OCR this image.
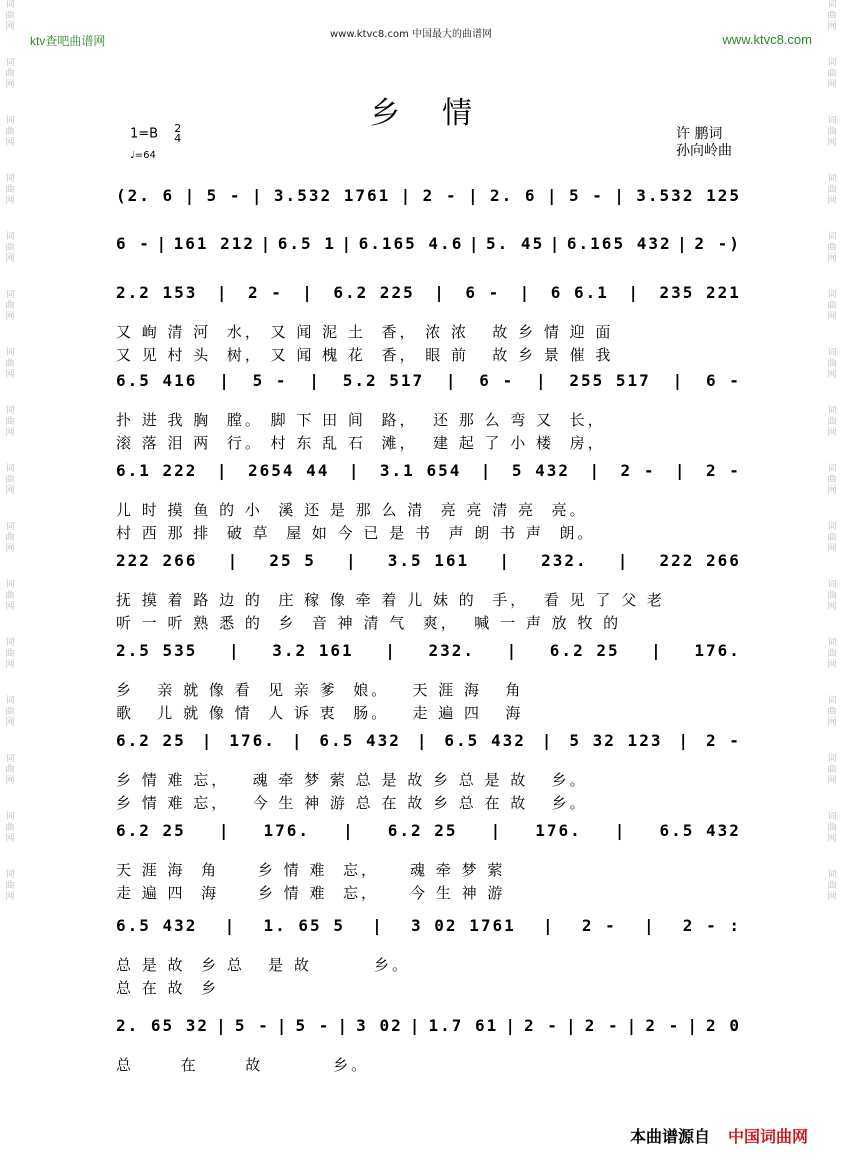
词
曲
网
词
曲
网
词
曲
网
词
曲
网
词
曲
网
词
曲
网
词
曲
网
词
曲
网
词
曲
网
词
曲
网
词
曲
网
词
曲
网
词
曲
网
词
曲
网
词
曲
网
词
曲
网
词
曲
网
词
曲
网
词
曲
网
词
曲
网
词
曲
网
词
曲
网
词
曲
网
词
曲
网
词
曲
网
词
曲
网
词
曲
网
词
曲
网
词
曲
网
词
曲
网
词
曲
网
词
曲
网
ktv查吧曲谱网	www.ktvc8.com 中国最大的曲谱网	www.ktvc8.com
乡情
1=B 2
4
♩=64
许 鹏词
孙向岭曲
(2. 6 | 5 - | 3.532 1761 | 2 - | 2. 6 | 5 - | 3.532 125
6 - | 161 212 | 6.5 1 | 6.165 4.6 | 5. 45 | 6.165 432 | 2 -)
2.2 153 | 2 - | 6.2 225 | 6 - | 6 6.1 | 235 221
又 峋 清 河  水， 又 闻 泥 土  香， 浓 浓   故 乡 情 迎 面
又 见 村 头  树， 又 闻 槐 花  香， 眼 前   故 乡 景 催 我
6.5 416 | 5 - | 5.2 517 | 6 - | 255 517 | 6 -
扑 进 我 胸  膛。 脚 下 田 间  路，  还 那 么 弯 又  长，
滚 落 泪 两  行。 村 东 乱 石  滩，  建 起 了 小 楼  房，
6.1 222 | 2654 44 | 3.1 654 | 5 432 | 2 - | 2 -
儿 时 摸 鱼 的 小  溪 还 是 那 么 清  亮 亮 清 亮  亮。
村 西 那 排  破 草  屋 如 今 已 是 书  声 朗 书 声  朗。
222 266 | 25 5 | 3.5 161 | 232. | 222 266
抚 摸 着 路 边 的  庄 稼 像 牵 着 儿 妹 的  手，  看 见 了 父 老
听 一 听 熟 悉 的  乡  音 神 清 气  爽，  喊 一 声 放 牧 的
2.5 535 | 3.2 161 | 232. | 6.2 25 | 176.
乡   亲 就 像 看  见 亲 爹  娘。   天 涯 海   角
歌   儿 就 像 情  人 诉 衷  肠。   走 遍 四   海
6.2 25 | 176. | 6.5 432 | 6.5 432 | 5 32 123 | 2 -
乡 情 难 忘，   魂 牵 梦 萦 总 是 故 乡 总 是 故   乡。
乡 情 难 忘，   今 生 神 游 总 在 故 乡 总 在 故   乡。
6.2 25 | 176. | 6.2 25 | 176. | 6.5 432
天 涯 海  角     乡 情 难  忘，    魂 牵 梦 萦
走 遍 四  海     乡 情 难  忘，    今 生 神 游
6.5 432 | 1. 65 5 | 3 02 1761 | 2 - | 2 - :
总 是 故  乡 总   是 故        乡。
总 在 故  乡
2. 65 32 | 5 - | 5 - | 3 02 | 1.7 61 | 2 - | 2 - | 2 - | 2 0
总      在      故         乡。
本曲谱源自 中国词曲网
